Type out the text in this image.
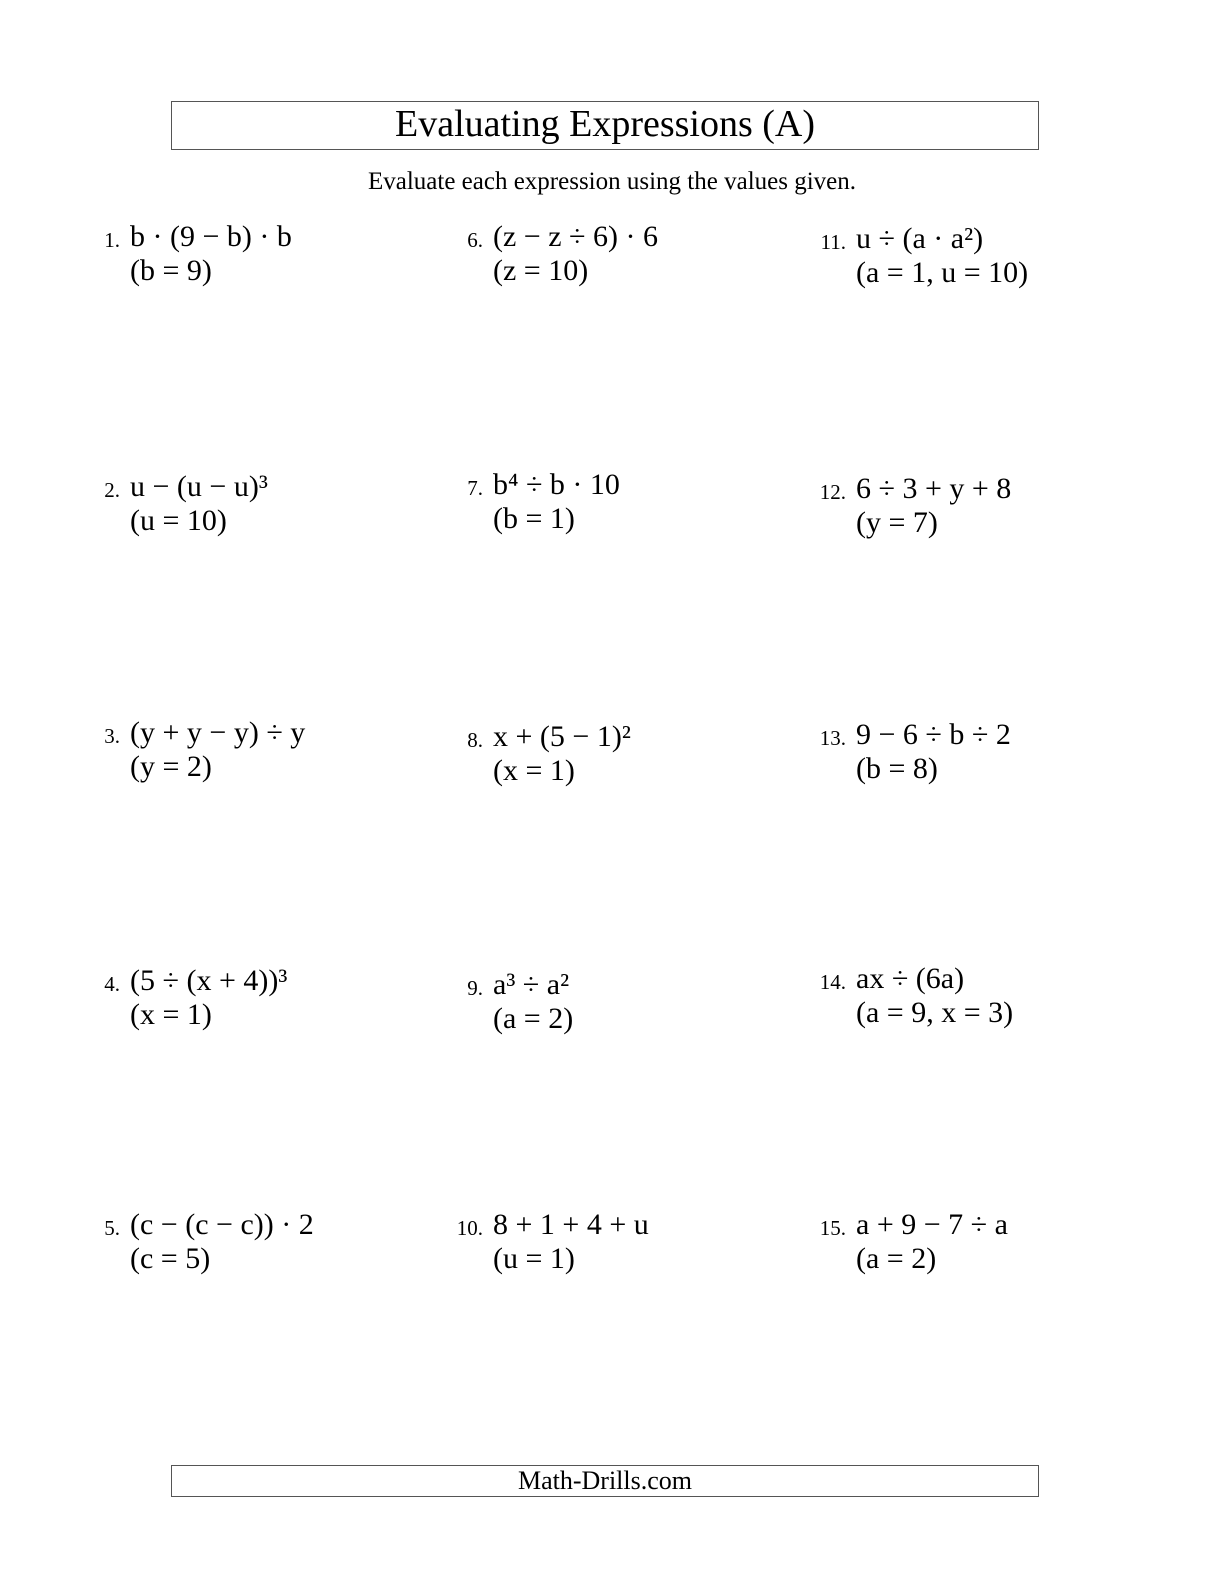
Evaluating Expressions (A)
Evaluate each expression using the values given.
1. b · (9 − b) · b
(b = 9)
2. u − (u − u)³
(u = 10)
3. (y + y − y) ÷ y
(y = 2)
4. (5 ÷ (x + 4))³
(x = 1)
5. (c − (c − c)) · 2
(c = 5)
6. (z − z ÷ 6) · 6
(z = 10)
7. b⁴ ÷ b · 10
(b = 1)
8. x + (5 − 1)²
(x = 1)
9. a³ ÷ a²
(a = 2)
10. 8 + 1 + 4 + u
(u = 1)
11. u ÷ (a · a²)
(a = 1, u = 10)
12. 6 ÷ 3 + y + 8
(y = 7)
13. 9 − 6 ÷ b ÷ 2
(b = 8)
14. ax ÷ (6a)
(a = 9, x = 3)
15. a + 9 − 7 ÷ a
(a = 2)
Math-Drills.com
